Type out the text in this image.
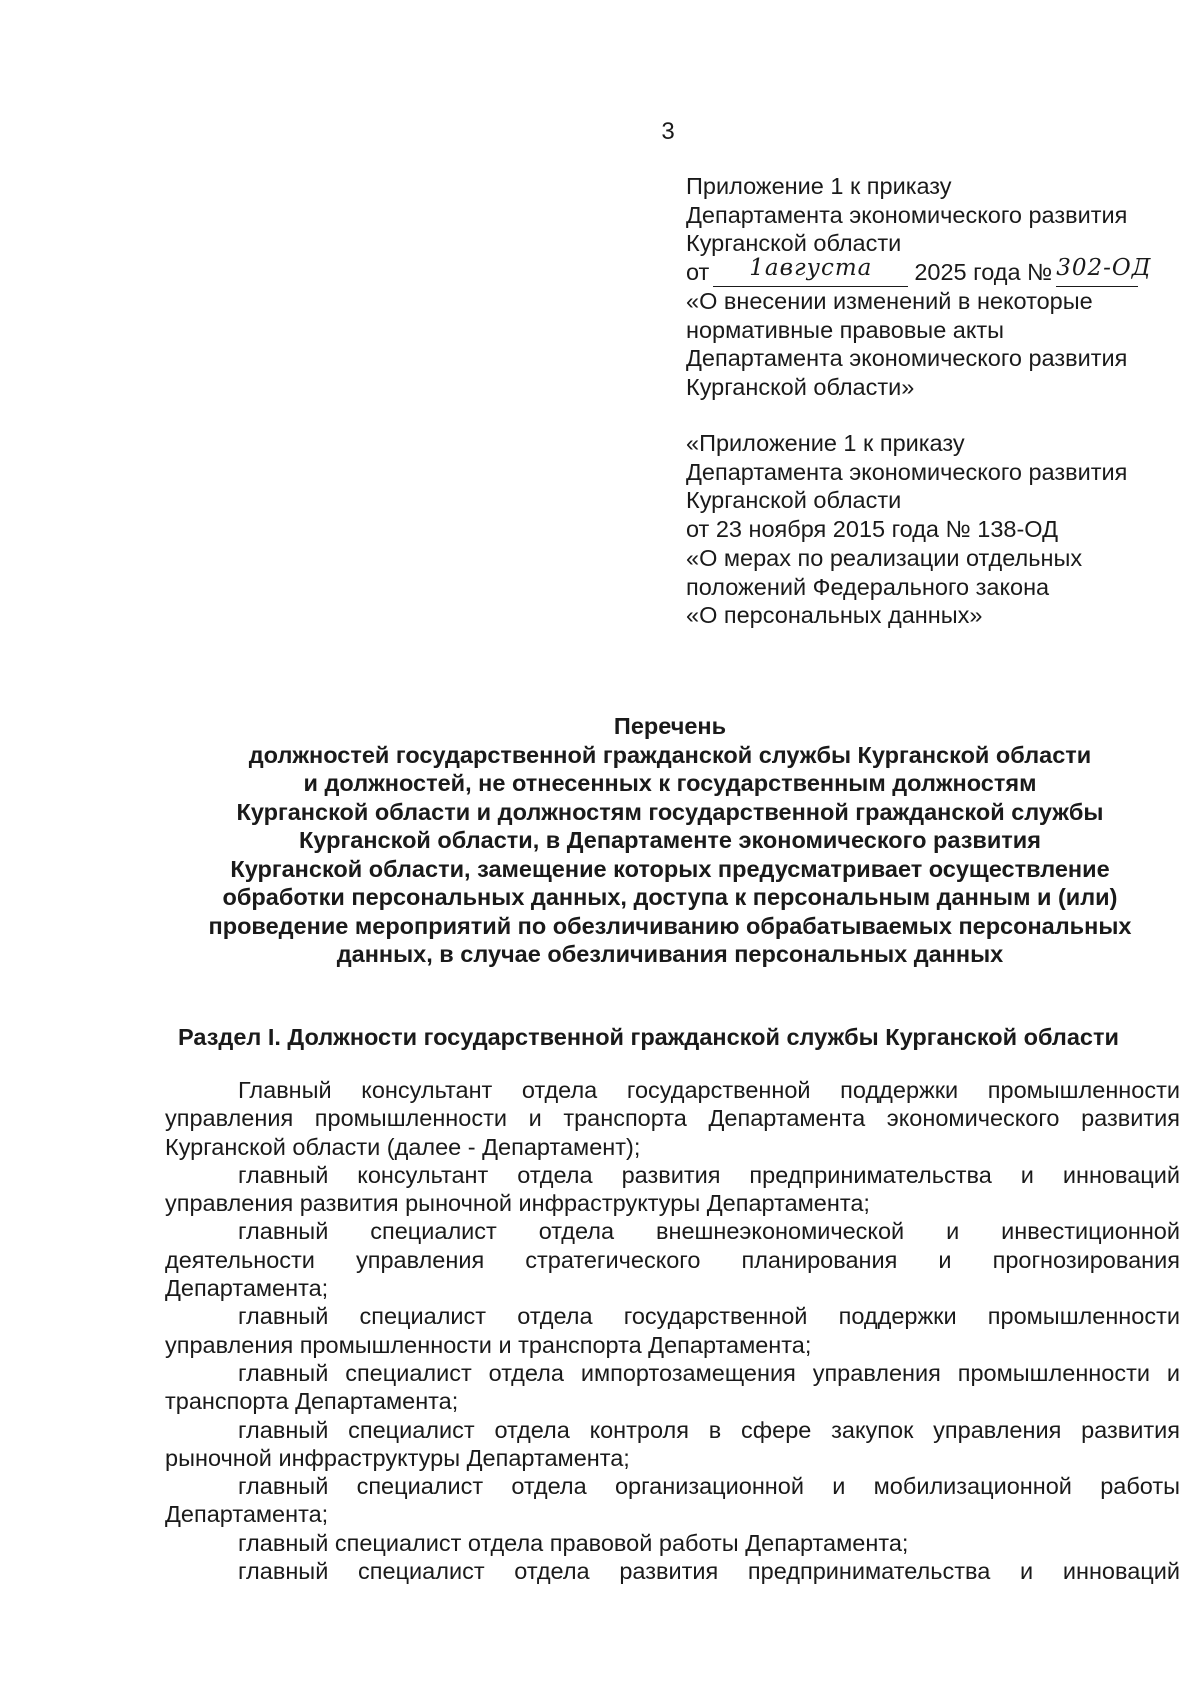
3
Приложение 1 к приказу
Департамента экономического развития
Курганской области
от 1августа 2025 года № 302-ОД
«О внесении изменений в некоторые
нормативные правовые акты
Департамента экономического развития
Курганской области»
«Приложение 1 к приказу
Департамента экономического развития
Курганской области
от 23 ноября 2015 года № 138-ОД
«О мерах по реализации отдельных
положений Федерального закона
«О персональных данных»
Перечень
должностей государственной гражданской службы Курганской области
и должностей, не отнесенных к государственным должностям
Курганской области и должностям государственной гражданской службы
Курганской области, в Департаменте экономического развития
Курганской области, замещение которых предусматривает осуществление
обработки персональных данных, доступа к персональным данным и (или)
проведение мероприятий по обезличиванию обрабатываемых персональных
данных, в случае обезличивания персональных данных
Раздел I. Должности государственной гражданской службы Курганской области
Главный консультант отдела государственной поддержки промышленности
управления промышленности и транспорта Департамента экономического развития
Курганской области (далее - Департамент);
главный консультант отдела развития предпринимательства и инноваций
управления развития рыночной инфраструктуры Департамента;
главный специалист отдела внешнеэкономической и инвестиционной
деятельности управления стратегического планирования и прогнозирования
Департамента;
главный специалист отдела государственной поддержки промышленности
управления промышленности и транспорта Департамента;
главный специалист отдела импортозамещения управления промышленности и
транспорта Департамента;
главный специалист отдела контроля в сфере закупок управления развития
рыночной инфраструктуры Департамента;
главный специалист отдела организационной и мобилизационной работы
Департамента;
главный специалист отдела правовой работы Департамента;
главный специалист отдела развития предпринимательства и инноваций
